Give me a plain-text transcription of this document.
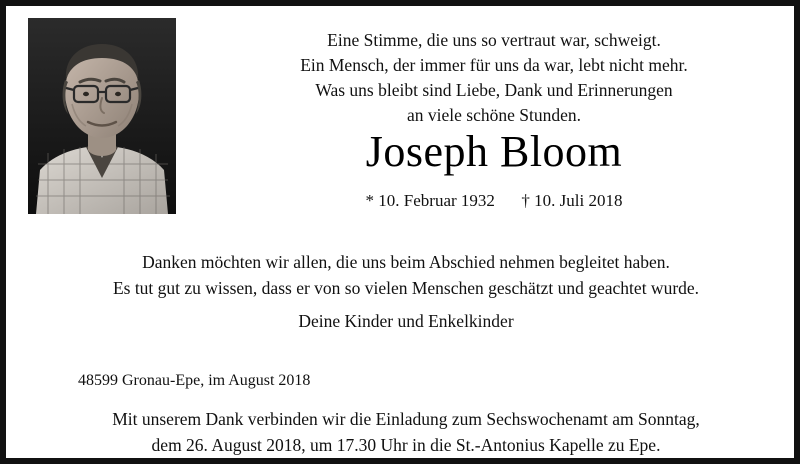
Eine Stimme, die uns so vertraut war, schweigt.
Ein Mensch, der immer für uns da war, lebt nicht mehr.
Was uns bleibt sind Liebe, Dank und Erinnerungen
an viele schöne Stunden.
Joseph Bloom
* 10. Februar 1932 † 10. Juli 2018
Danken möchten wir allen, die uns beim Abschied nehmen begleitet haben.
Es tut gut zu wissen, dass er von so vielen Menschen geschätzt und geachtet wurde.
Deine Kinder und Enkelkinder
48599 Gronau-Epe, im August 2018
Mit unserem Dank verbinden wir die Einladung zum Sechswochenamt am Sonntag,
dem 26. August 2018, um 17.30 Uhr in die St.-Antonius Kapelle zu Epe.
